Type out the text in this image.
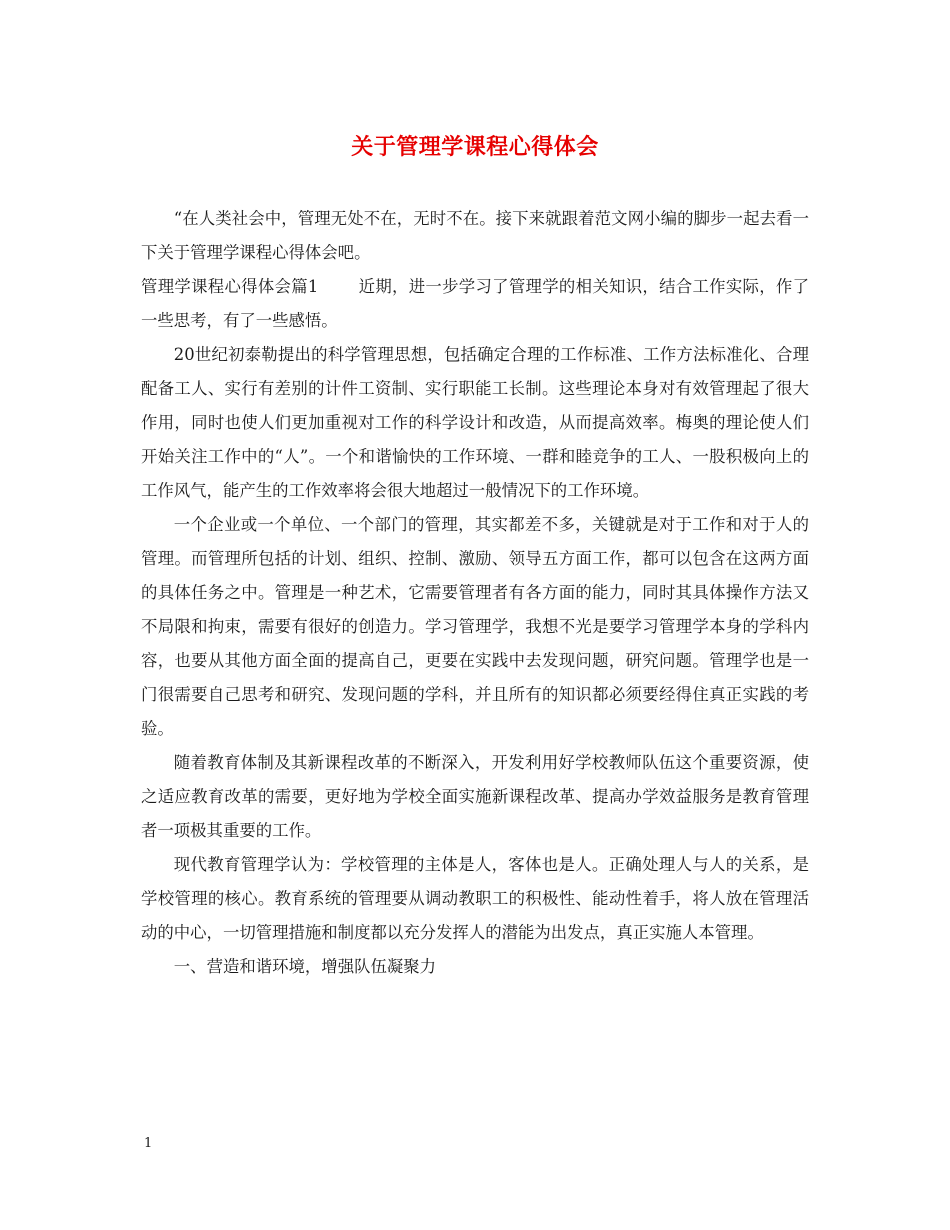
关于管理学课程心得体会

“在人类社会中，管理无处不在，无时不在。接下来就跟着范文网小编的脚步一起去看一下关于管理学课程心得体会吧。

管理学课程心得体会篇1 近期，进一步学习了管理学的相关知识，结合工作实际，作了一些思考，有了一些感悟。

20世纪初泰勒提出的科学管理思想，包括确定合理的工作标准、工作方法标准化、合理配备工人、实行有差别的计件工资制、实行职能工长制。这些理论本身对有效管理起了很大作用，同时也使人们更加重视对工作的科学设计和改造，从而提高效率。梅奥的理论使人们开始关注工作中的“人”。一个和谐愉快的工作环境、一群和睦竞争的工人、一股积极向上的工作风气，能产生的工作效率将会很大地超过一般情况下的工作环境。

一个企业或一个单位、一个部门的管理，其实都差不多，关键就是对于工作和对于人的管理。而管理所包括的计划、组织、控制、激励、领导五方面工作，都可以包含在这两方面的具体任务之中。管理是一种艺术，它需要管理者有各方面的能力，同时其具体操作方法又不局限和拘束，需要有很好的创造力。学习管理学，我想不光是要学习管理学本身的学科内容，也要从其他方面全面的提高自己，更要在实践中去发现问题，研究问题。管理学也是一门很需要自己思考和研究、发现问题的学科，并且所有的知识都必须要经得住真正实践的考验。

随着教育体制及其新课程改革的不断深入，开发利用好学校教师队伍这个重要资源，使之适应教育改革的需要，更好地为学校全面实施新课程改革、提高办学效益服务是教育管理者一项极其重要的工作。

现代教育管理学认为：学校管理的主体是人，客体也是人。正确处理人与人的关系，是学校管理的核心。教育系统的管理要从调动教职工的积极性、能动性着手，将人放在管理活动的中心，一切管理措施和制度都以充分发挥人的潜能为出发点，真正实施人本管理。

一、营造和谐环境，增强队伍凝聚力

1
